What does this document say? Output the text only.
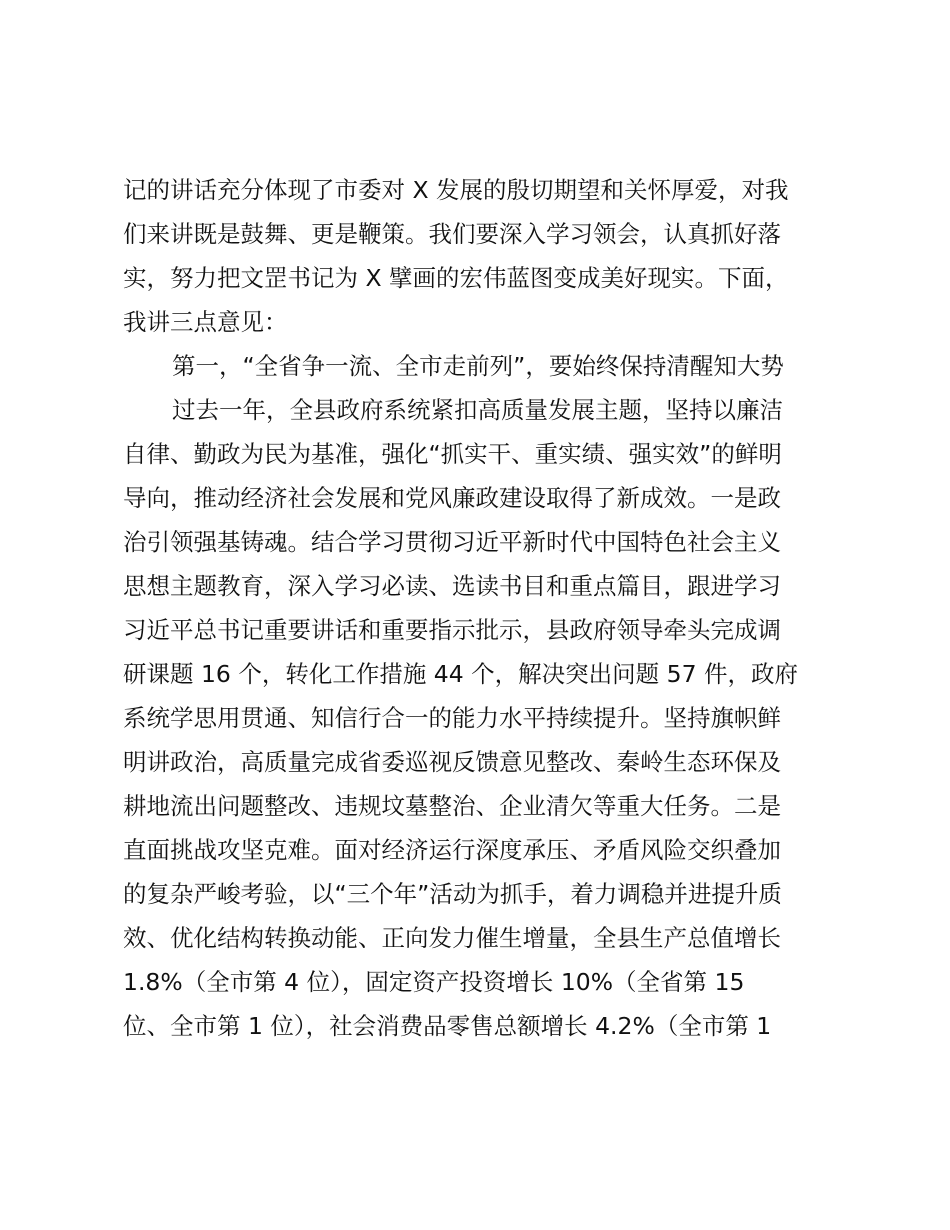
记的讲话充分体现了市委对 X 发展的殷切期望和关怀厚爱，对我
们来讲既是鼓舞、更是鞭策。我们要深入学习领会，认真抓好落
实，努力把文罡书记为 X 擘画的宏伟蓝图变成美好现实。下面，
我讲三点意见：
第一，“全省争一流、全市走前列”，要始终保持清醒知大势
过去一年，全县政府系统紧扣高质量发展主题，坚持以廉洁
自律、勤政为民为基准，强化“抓实干、重实绩、强实效”的鲜明
导向，推动经济社会发展和党风廉政建设取得了新成效。一是政
治引领强基铸魂。结合学习贯彻习近平新时代中国特色社会主义
思想主题教育，深入学习必读、选读书目和重点篇目，跟进学习
习近平总书记重要讲话和重要指示批示，县政府领导牵头完成调
研课题 16 个，转化工作措施 44 个，解决突出问题 57 件，政府
系统学思用贯通、知信行合一的能力水平持续提升。坚持旗帜鲜
明讲政治，高质量完成省委巡视反馈意见整改、秦岭生态环保及
耕地流出问题整改、违规坟墓整治、企业清欠等重大任务。二是
直面挑战攻坚克难。面对经济运行深度承压、矛盾风险交织叠加
的复杂严峻考验，以“三个年”活动为抓手，着力调稳并进提升质
效、优化结构转换动能、正向发力催生增量，全县生产总值增长
1.8%（全市第 4 位），固定资产投资增长 10%（全省第 15
位、全市第 1 位），社会消费品零售总额增长 4.2%（全市第 1
